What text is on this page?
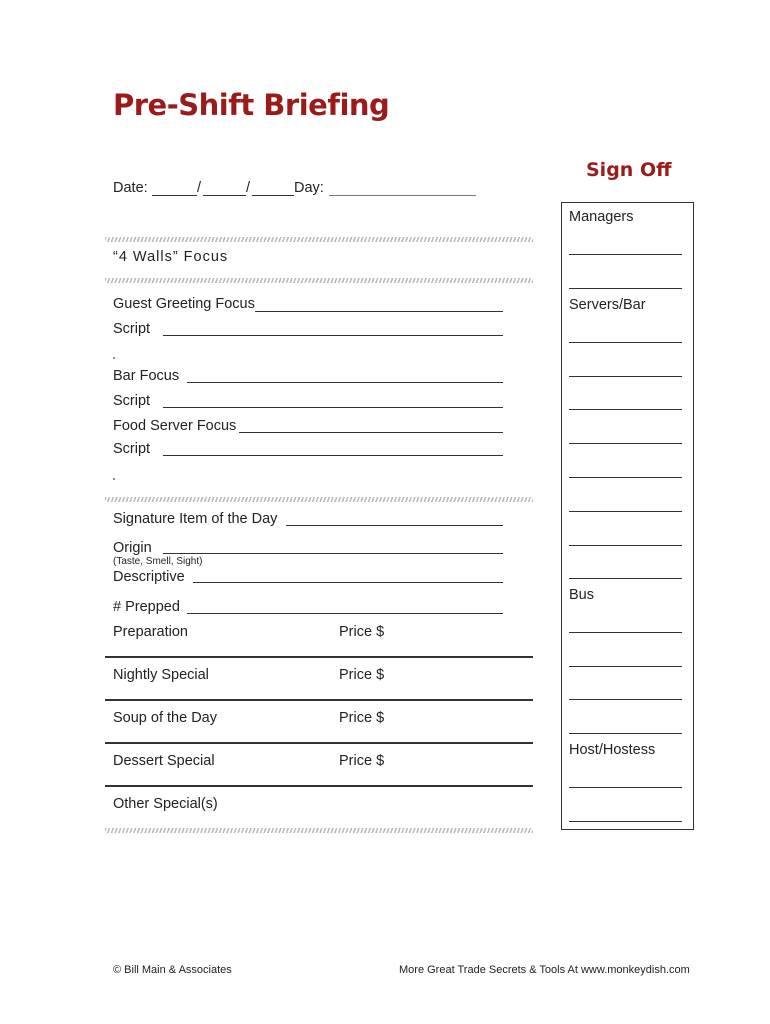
Pre-Shift Briefing
Date:	/	/	Day:
“4 Walls” Focus
Guest Greeting Focus
Script
Bar Focus
Script
Food Server Focus
Script
Signature Item of the Day
Origin
(Taste, Smell, Sight)
Descriptive
# Prepped
Preparation	Price $
Nightly Special	Price $
Soup of the Day	Price $
Dessert Special	Price $
Other Special(s)
Sign Off
Managers
Servers/Bar
Bus
Host/Hostess
© Bill Main & Associates	More Great Trade Secrets & Tools At www.monkeydish.com
